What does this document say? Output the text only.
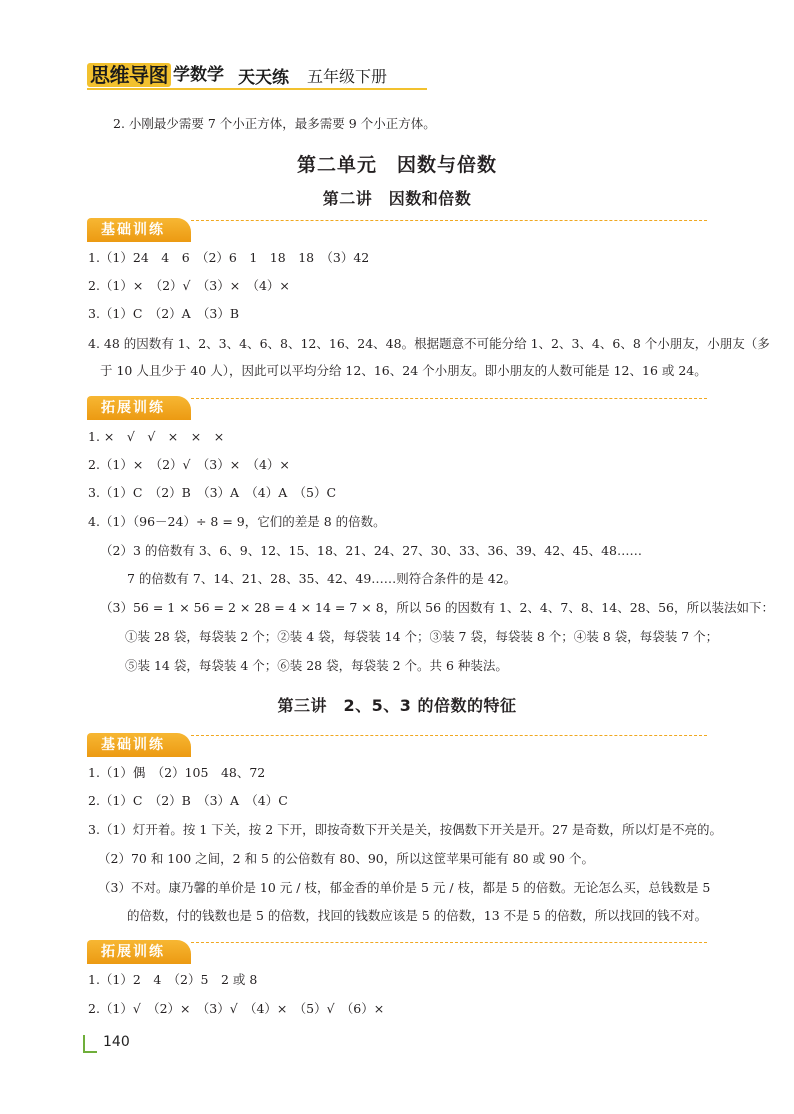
思维导图 学数学 天天练 五年级下册
2. 小刚最少需要 7 个小正方体，最多需要 9 个小正方体。
第二单元　因数与倍数
第二讲　因数和倍数
基础训练
1.（1）24　4　6　（2）6　1　18　18　（3）42
2.（1）×　（2）√　（3）×　（4）×
3.（1）C　（2）A　（3）B
4. 48 的因数有 1、2、3、4、6、8、12、16、24、48。根据题意不可能分给 1、2、3、4、6、8 个小朋友，小朋友（多
于 10 人且少于 40 人），因此可以平均分给 12、16、24 个小朋友。即小朋友的人数可能是 12、16 或 24。
拓展训练
1. ×　√　√　×　×　×
2.（1）×　（2）√　（3）×　（4）×
3.（1）C　（2）B　（3）A　（4）A　（5）C
4.（1）（96－24）÷ 8 = 9，它们的差是 8 的倍数。
（2）3 的倍数有 3、6、9、12、15、18、21、24、27、30、33、36、39、42、45、48……
7 的倍数有 7、14、21、28、35、42、49……则符合条件的是 42。
（3）56 = 1 × 56 = 2 × 28 = 4 × 14 = 7 × 8，所以 56 的因数有 1、2、4、7、8、14、28、56，所以装法如下：
①装 28 袋，每袋装 2 个；②装 4 袋，每袋装 14 个；③装 7 袋，每袋装 8 个；④装 8 袋，每袋装 7 个；
⑤装 14 袋，每袋装 4 个；⑥装 28 袋，每袋装 2 个。共 6 种装法。
第三讲　2、5、3 的倍数的特征
基础训练
1.（1）偶　（2）105　48、72
2.（1）C　（2）B　（3）A　（4）C
3.（1）灯开着。按 1 下关，按 2 下开，即按奇数下开关是关，按偶数下开关是开。27 是奇数，所以灯是不亮的。
（2）70 和 100 之间，2 和 5 的公倍数有 80、90，所以这筐苹果可能有 80 或 90 个。
（3）不对。康乃馨的单价是 10 元 / 枝，郁金香的单价是 5 元 / 枝，都是 5 的倍数。无论怎么买，总钱数是 5
的倍数，付的钱数也是 5 的倍数，找回的钱数应该是 5 的倍数，13 不是 5 的倍数，所以找回的钱不对。
拓展训练
1.（1）2　4　（2）5　2 或 8
2.（1）√　（2）×　（3）√　（4）×　（5）√　（6）×
140
